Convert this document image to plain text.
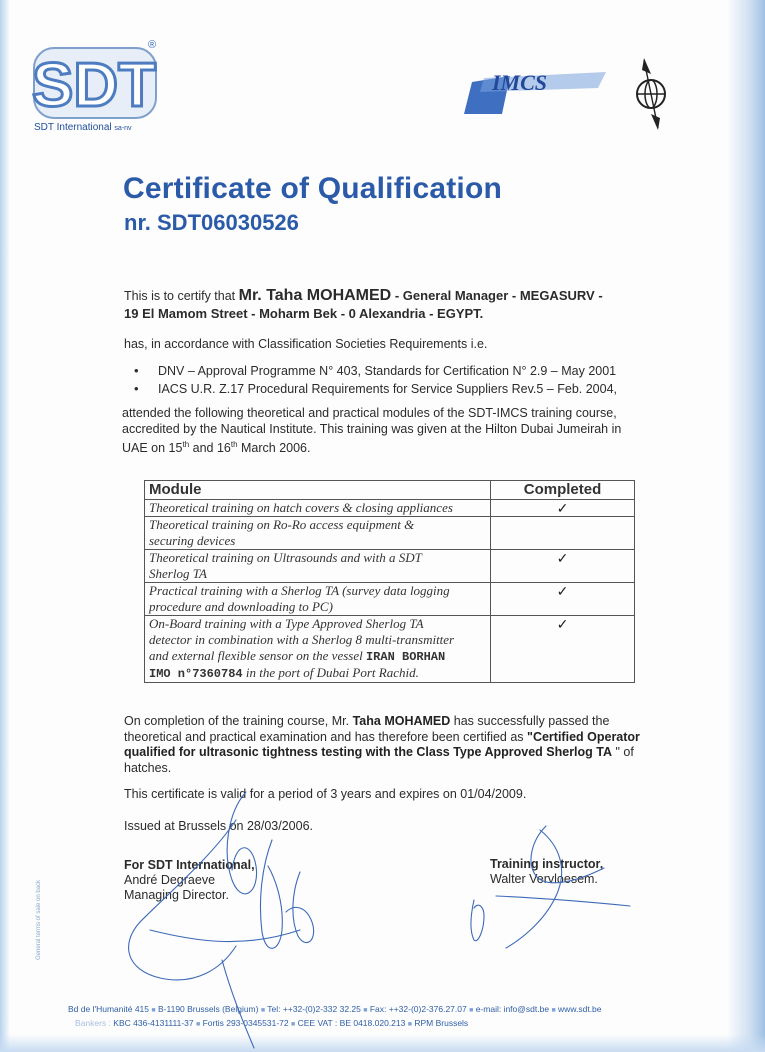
SDT
®
SDT International sa-nv
IMCS
Certificate of Qualification
nr. SDT06030526
This is to certify that Mr. Taha MOHAMED - General Manager - MEGASURV -
19 El Mamom Street - Moharm Bek - 0 Alexandria - EGYPT.
has, in accordance with Classification Societies Requirements i.e.
• DNV – Approval Programme N° 403, Standards for Certification N° 2.9 – May 2001
• IACS U.R. Z.17 Procedural Requirements for Service Suppliers Rev.5 – Feb. 2004,
attended the following theoretical and practical modules of the SDT-IMCS training course,
accredited by the Nautical Institute. This training was given at the Hilton Dubai Jumeirah in
UAE on 15th and 16th March 2006.
Module	Completed

Theoretical training on hatch covers & closing appliances	✓

Theoretical training on Ro-Ro access equipment &
securing devices	

Theoretical training on Ultrasounds and with a SDT
Sherlog TA	✓

Practical training with a Sherlog TA (survey data logging
procedure and downloading to PC)	✓

On-Board training with a Type Approved Sherlog TA
detector in combination with a Sherlog 8 multi-transmitter
and external flexible sensor on the vessel IRAN BORHAN
IMO n°7360784 in the port of Dubai Port Rachid.	✓
On completion of the training course, Mr. Taha MOHAMED has successfully passed the
theoretical and practical examination and has therefore been certified as "Certified Operator
qualified for ultrasonic tightness testing with the Class Type Approved Sherlog TA " of
hatches.
This certificate is valid for a period of 3 years and expires on 01/04/2009.
Issued at Brussels on 28/03/2006.
For SDT International,
André Degraeve
Managing Director.
Training instructor,
Walter Vervloesem.
General terms of sale on back
Bd de l'Humanité 415 ■ B-1190 Brussels (Belgium) ■ Tel: ++32-(0)2-332 32.25 ■ Fax: ++32-(0)2-376.27.07 ■ e-mail: info@sdt.be ■ www.sdt.be
Bankers : KBC 436-4131111-37 ■ Fortis 293-0345531-72 ■ CEE VAT : BE 0418.020.213 ■ RPM Brussels
